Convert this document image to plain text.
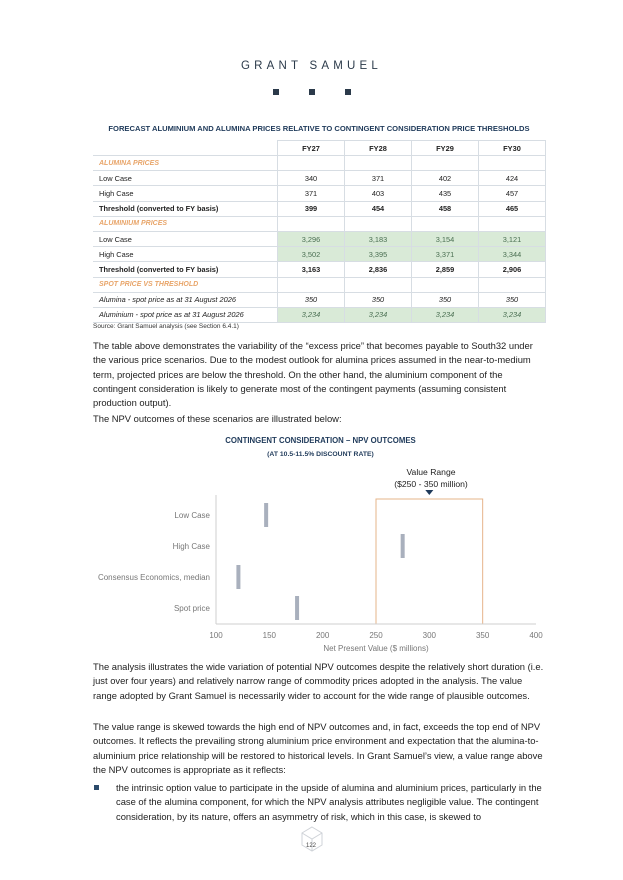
GRANT SAMUEL
FORECAST ALUMINIUM AND ALUMINA PRICES RELATIVE TO CONTINGENT CONSIDERATION PRICE THRESHOLDS
	FY27	FY28	FY29	FY30
ALUMINA PRICES				
Low Case	340	371	402	424
High Case	371	403	435	457
Threshold (converted to FY basis)	399	454	458	465
ALUMINIUM PRICES				
Low Case	3,296	3,183	3,154	3,121
High Case	3,502	3,395	3,371	3,344
Threshold (converted to FY basis)	3,163	2,836	2,859	2,906
SPOT PRICE VS THRESHOLD				
Alumina - spot price as at 31 August 2026	350	350	350	350
Aluminium - spot price as at 31 August 2026	3,234	3,234	3,234	3,234
Source: Grant Samuel analysis (see Section 6.4.1)

The table above demonstrates the variability of the “excess price” that becomes payable to South32 under the various price scenarios. Due to the modest outlook for alumina prices assumed in the near-to-medium term, projected prices are below the threshold. On the other hand, the aluminium component of the contingent consideration is likely to generate most of the contingent payments (assuming consistent production output).

The NPV outcomes of these scenarios are illustrated below:

CONTINGENT CONSIDERATION – NPV OUTCOMES
(AT 10.5-11.5% DISCOUNT RATE)
Value Range
($250 - 350 million)
Low Case
High Case
Consensus Economics, median
Spot price
100	150	200	250	300	350	400
Net Present Value ($ millions)

The analysis illustrates the wide variation of potential NPV outcomes despite the relatively short duration (i.e. just over four years) and relatively narrow range of commodity prices adopted in the analysis. The value range adopted by Grant Samuel is necessarily wider to account for the wide range of plausible outcomes.

The value range is skewed towards the high end of NPV outcomes and, in fact, exceeds the top end of NPV outcomes. It reflects the prevailing strong aluminium price environment and expectation that the alumina-to-aluminium price relationship will be restored to historical levels. In Grant Samuel’s view, a value range above the NPV outcomes is appropriate as it reflects:

the intrinsic option value to participate in the upside of alumina and aluminium prices, particularly in the case of the alumina component, for which the NPV analysis attributes negligible value. The contingent consideration, by its nature, offers an asymmetry of risk, which in this case, is skewed to
122
